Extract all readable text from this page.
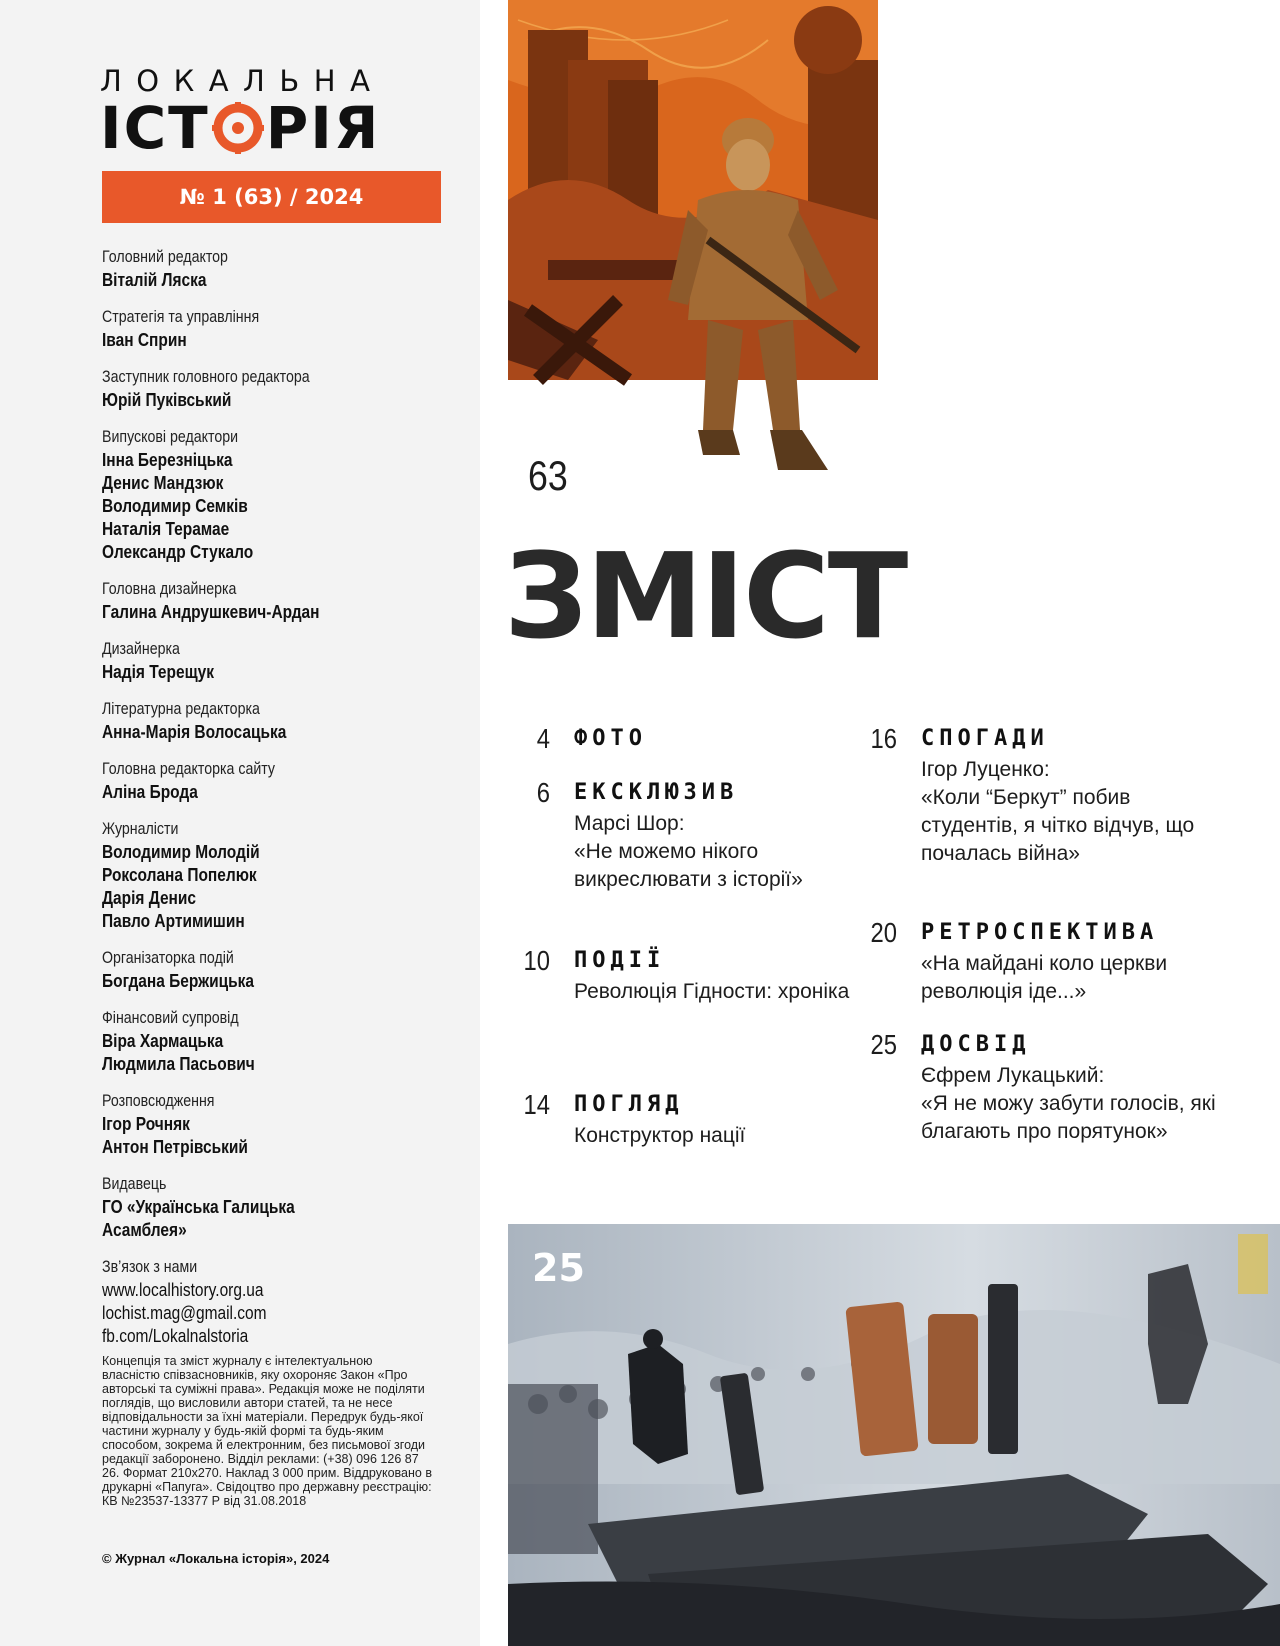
ЛОКАЛЬНА
ІСТ РІЯ
№ 1 (63) / 2024
Головний редактор
Віталій Ляска
Стратегія та управління
Іван Сприн
Заступник головного редактора
Юрій Пуківський
Випускові редактори
Інна Березніцька
Денис Мандзюк
Володимир Семків
Наталія Терамае
Олександр Стукало
Головна дизайнерка
Галина Андрушкевич-Ардан
Дизайнерка
Надія Терещук
Літературна редакторка
Анна-Марія Волосацька
Головна редакторка сайту
Аліна Брода
Журналісти
Володимир Молодій
Роксолана Попелюк
Дарія Денис
Павло Артимишин
Організаторка подій
Богдана Бержицька
Фінансовий супровід
Віра Хармацька
Людмила Пасьович
Розповсюдження
Ігор Рочняк
Антон Петрівський
Видавець
ГО «Українська Галицька
Асамблея»
Зв’язок з нами
www.localhistory.org.ua
lochist.mag@gmail.com
fb.com/Lokalnalstoria
Концепція та зміст журналу є інтелектуальною власністю співзасновників, яку охороняє Закон «Про авторські та суміжні права». Редакція може не поділяти поглядів, що висловили автори статей, та не несе відповідальности за їхні матеріали. Передрук будь-якої частини журналу у будь-якій формі та будь-яким способом, зокрема й електронним, без письмової згоди редакції заборонено. Відділ реклами: (+38) 096 126 87 26. Формат 210х270. Наклад 3 000 прим. Віддруковано в друкарні «Папуга». Свідоцтво про державну реєстрацію: КВ №23537-13377 Р від 31.08.2018
© Журнал «Локальна історія», 2024
63
ЗМІСТ
4 ФОТО
6 ЕКСКЛЮЗИВ
Марсі Шор:
«Не можемо нікого викреслювати з історії»
10 ПОДІЇ
Революція Гідности: хроніка
14 ПОГЛЯД
Конструктор нації
16 СПОГАДИ
Ігор Луценко:
«Коли “Беркут” побив студентів, я чітко відчув, що почалась війна»
20 РЕТРОСПЕКТИВА
«На майдані коло церкви революція іде...»
25 ДОСВІД
Єфрем Лукацький:
«Я не можу забути голосів, які благають про порятунок»
25
